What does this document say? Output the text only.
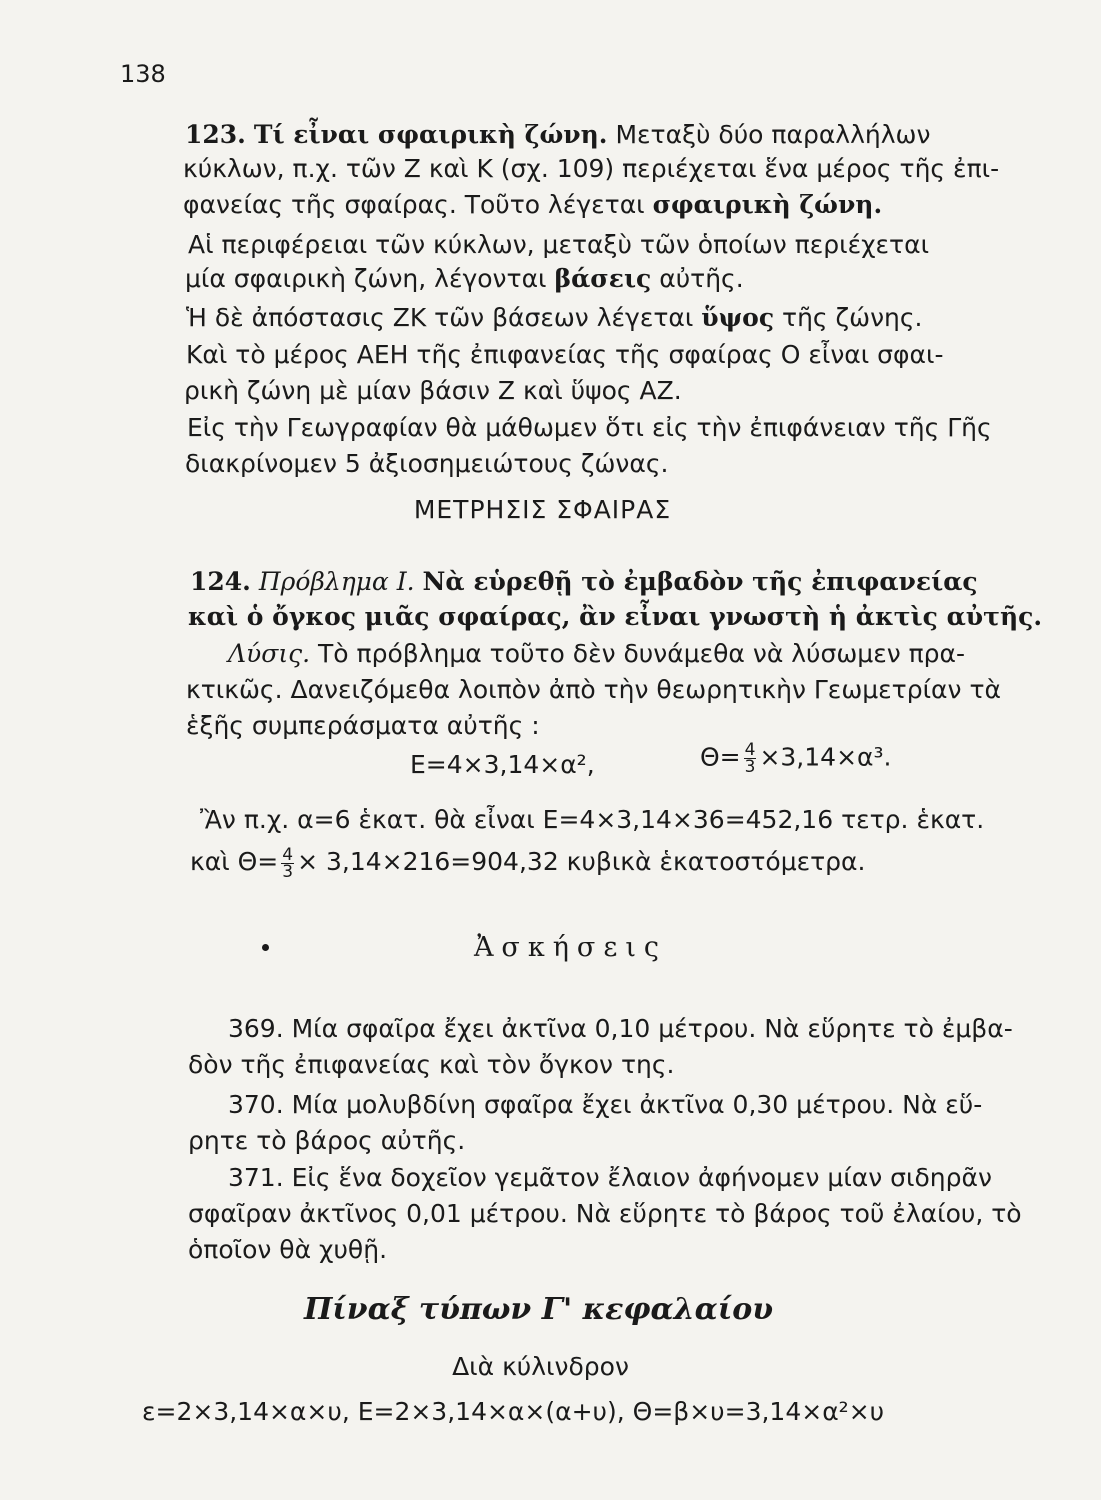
138
123. Τί εἶναι σφαιρικὴ ζώνη. Μεταξὺ δύο παραλλήλων
κύκλων, π.χ. τῶν Ζ καὶ Κ (σχ. 109) περιέχεται ἕνα μέρος τῆς ἐπι-
φανείας τῆς σφαίρας. Τοῦτο λέγεται σφαιρικὴ ζώνη.
Αἱ περιφέρειαι τῶν κύκλων, μεταξὺ τῶν ὁποίων περιέχεται
μία σφαιρικὴ ζώνη, λέγονται βάσεις αὐτῆς.
Ἡ δὲ ἀπόστασις ΖΚ τῶν βάσεων λέγεται ὕψος τῆς ζώνης.
Καὶ τὸ μέρος ΑΕΗ τῆς ἐπιφανείας τῆς σφαίρας Ο εἶναι σφαι-
ρικὴ ζώνη μὲ μίαν βάσιν Ζ καὶ ὕψος ΑΖ.
Εἰς τὴν Γεωγραφίαν θὰ μάθωμεν ὅτι εἰς τὴν ἐπιφάνειαν τῆς Γῆς
διακρίνομεν 5 ἀξιοσημειώτους ζώνας.
ΜΕΤΡΗΣΙΣ ΣΦΑΙΡΑΣ
124. Πρόβλημα Ι. Νὰ εὑρεθῇ τὸ ἐμβαδὸν τῆς ἐπιφανείας
καὶ ὁ ὄγκος μιᾶς σφαίρας, ἂν εἶναι γνωστὴ ἡ ἀκτὶς αὐτῆς.
Λύσις. Τὸ πρόβλημα τοῦτο δὲν δυνάμεθα νὰ λύσωμεν πρα-
κτικῶς. Δανειζόμεθα λοιπὸν ἀπὸ τὴν θεωρητικὴν Γεωμετρίαν τὰ
ἑξῆς συμπεράσματα αὐτῆς :
Ε=4×3,14×α²,	$\Theta= \frac{4}{3} \times 3,14\times\alpha^3$.
Ἂν π.χ. α=6 ἑκατ. θὰ εἶναι Ε=4×3,14×36=452,16 τετρ. ἑκατ.
καὶ $\Theta= \frac{4}{3} \times 3,14\times 216=904,32$ κυβικὰ ἑκατοστόμετρα.
Ἀσκήσεις
369. Μία σφαῖρα ἔχει ἀκτῖνα 0,10 μέτρου. Νὰ εὕρητε τὸ ἐμβα-
δὸν τῆς ἐπιφανείας καὶ τὸν ὄγκον της.
370. Μία μολυβδίνη σφαῖρα ἔχει ἀκτῖνα 0,30 μέτρου. Νὰ εὕ-
ρητε τὸ βάρος αὐτῆς.
371. Εἰς ἕνα δοχεῖον γεμᾶτον ἔλαιον ἀφήνομεν μίαν σιδηρᾶν
σφαῖραν ἀκτῖνος 0,01 μέτρου. Νὰ εὕρητε τὸ βάρος τοῦ ἐλαίου, τὸ
ὁποῖον θὰ χυθῇ.
Πίναξ τύπων Γ' κεφαλαίου
Διὰ κύλινδρον
ε=2×3,14×α×υ, Ε=2×3,14×α×(α+υ), Θ=β×υ=3,14×α²×υ
